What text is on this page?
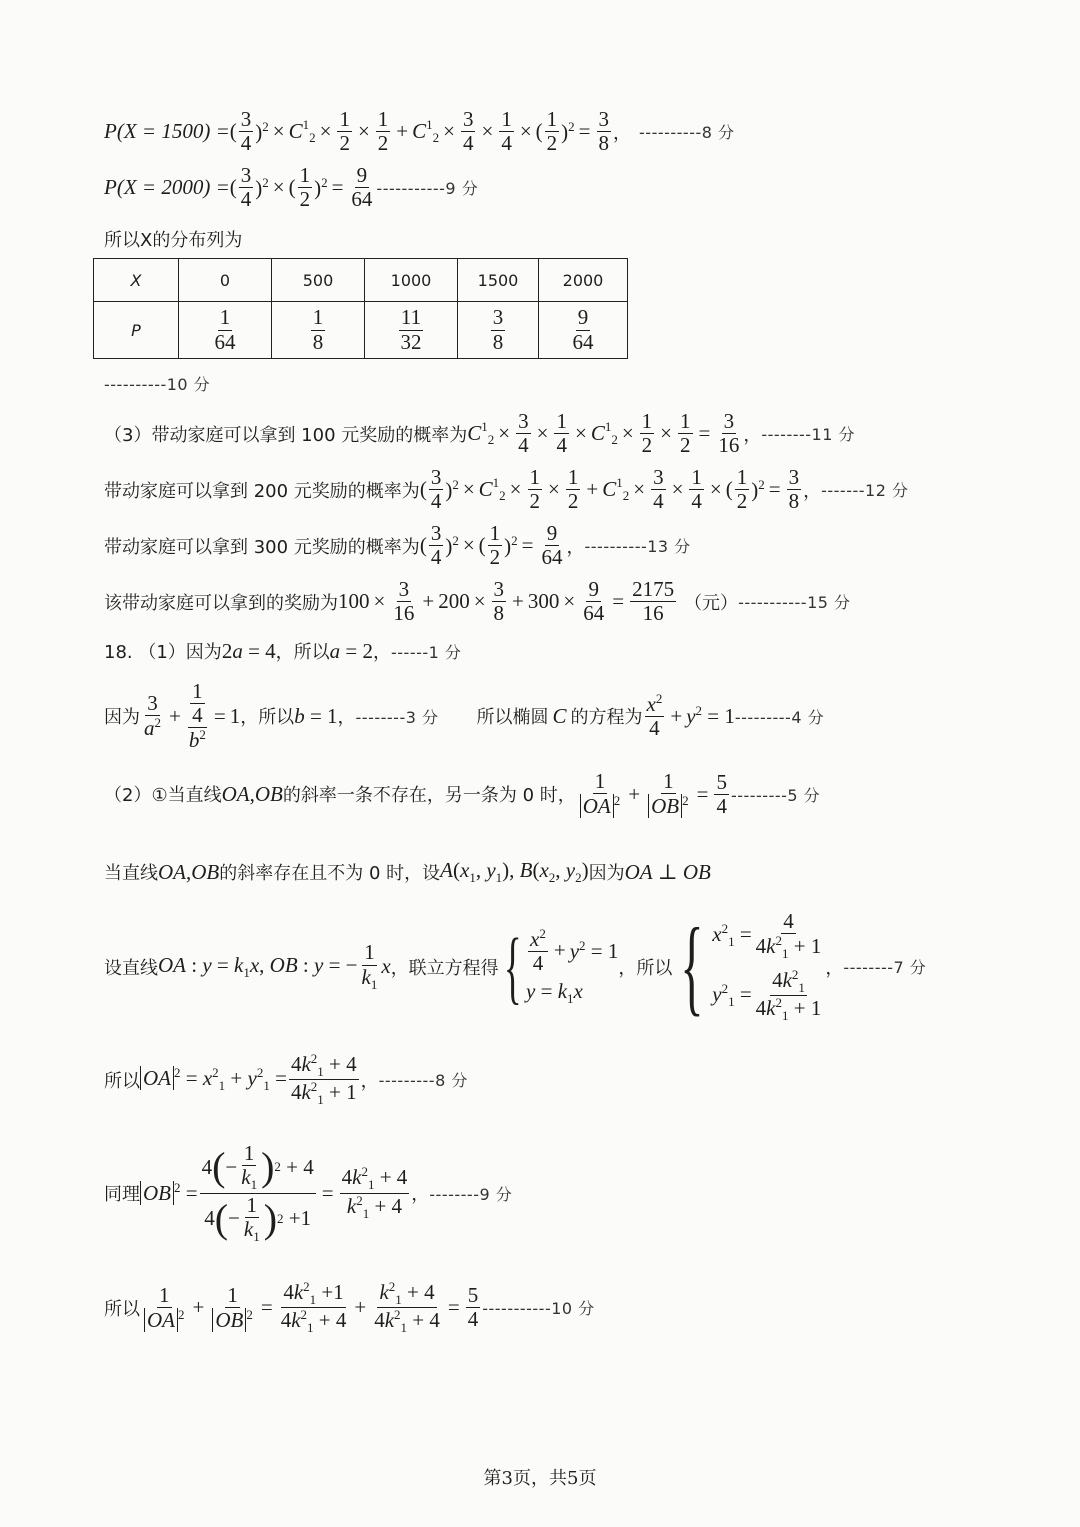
P(X = 1500) = ( $\frac{3}{4} )^2 \times C$ $^1_2 \times \frac{1}{2} \times \frac{1}{2} + C$ $^1_2 \times \frac{3}{4} \times \frac{1}{4}$ × ( $\frac{1}{2} )^2 = \frac{3}{8}$ ， ----------8 分
P(X = 2000) = ( $\frac{3}{4} )^2$ × ( $\frac{1}{2} )^2 = \frac{9}{64} -----------9$ 分
所以X的分布列为
X	0	500	1000	1500	2000
P	$\frac{1}{64}$	$\frac{1}{8}$	$\frac{11}{32}$	$\frac{3}{8}$	$\frac{9}{64}$
----------10 分
（3）带动家庭可以拿到 100 元奖励的概率为 C $^1_2 \times \frac{3}{4} \times \frac{1}{4} \times C$ $^1_2 \times \frac{1}{2} \times \frac{1}{2} = \frac{3}{16}$ ， --------11 分
带动家庭可以拿到 200 元奖励的概率为 ( $\frac{3}{4} )^2 \times C$ $^1_2 \times \frac{1}{2} \times \frac{1}{2} + C$ $^1_2 \times \frac{3}{4} \times \frac{1}{4}$ × ( $\frac{1}{2} )^2 = \frac{3}{8}$ ， -------12 分
带动家庭可以拿到 300 元奖励的概率为 ( $\frac{3}{4} )^2$ × ( $\frac{1}{2} )^2 = \frac{9}{64}$ ， ----------13 分
该带动家庭可以拿到的奖励为 $100 \times \frac{3}{16} + 200 \times \frac{3}{8} + 300 \times \frac{9}{64} = \frac{2175}{16}$ （元） -----------15 分
18. （1）因为 2a = 4 ， 所以 a = 2 ， ------1 分
因为 $\frac{3}{a^2} + \frac{\frac{1}{4}}{b^2} = 1$ ， 所以 b = 1 ， --------3 分 所以椭圆 C 的方程为 $\frac{x^2}{4} + y^2 = 1$ ---------4 分
（2）①当直线 OA , OB 的斜率一条不存在，另一条为 0 时， $\frac{1}{OA ^2} + \frac{1}{OB ^2} = \frac{5}{4} ---------5$ 分
当直线 OA , OB 的斜率存在且不为 0 时，设 $A(x_1$, $y_1$), $B(x_2$, $y_2$) 因为 OA ⊥ OB
设直线 OA : $y = k_1x$, OB : y = − $\frac{1}{k_1}$ x ，联立方程得 { $\frac{x^2}{4} + y^2 = 1$
$y = k_1x$
， 所以 { $x^2_1 = \frac{4}{4k^2_1 + 1}$
$y^2_1 = \frac{4k^2_1}{4k^2_1 + 1}$ ， --------7 分
所以 OA $^2 = x^2_1 + y^2_1 = \frac{4k^2_1 + 4}{4k^2_1 + 1}$ ， ---------8 分
同理 OB $^2 = \frac{4 ( - \frac{1}{k_1} ) 2 + 4}{4 ( - \frac{1}{k_1} ) 2 +1} = \frac{4k^2_1 + 4}{k^2_1 + 4}$ ， --------9 分
所以 $\frac{1}{OA ^2} + \frac{1}{OB ^2} = \frac{4k^2_1 +1}{4k^2_1 + 4} + \frac{k^2_1 + 4}{4k^2_1 + 4} = \frac{5}{4} -----------10$ 分
第3页，共5页
